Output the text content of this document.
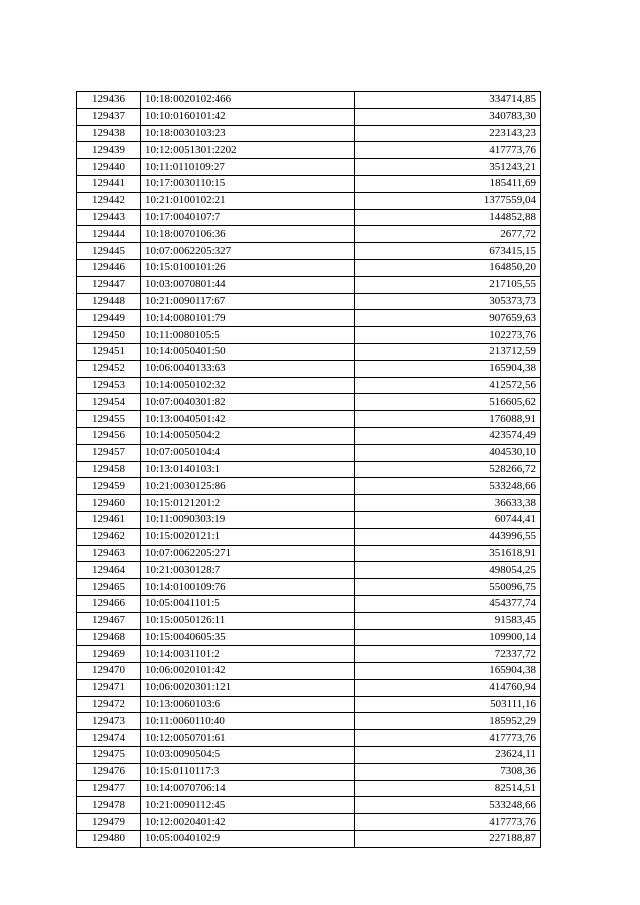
129436	10:18:0020102:466	334714,85
129437	10:10:0160101:42	340783,30
129438	10:18:0030103:23	223143,23
129439	10:12:0051301:2202	417773,76
129440	10:11:0110109:27	351243,21
129441	10:17:0030110:15	185411,69
129442	10:21:0100102:21	1377559,04
129443	10:17:0040107:7	144852,88
129444	10:18:0070106:36	2677,72
129445	10:07:0062205:327	673415,15
129446	10:15:0100101:26	164850,20
129447	10:03:0070801:44	217105,55
129448	10:21:0090117:67	305373,73
129449	10:14:0080101:79	907659,63
129450	10:11:0080105:5	102273,76
129451	10:14:0050401:50	213712,59
129452	10:06:0040133:63	165904,38
129453	10:14:0050102:32	412572,56
129454	10:07:0040301:82	516605,62
129455	10:13:0040501:42	176088,91
129456	10:14:0050504:2	423574,49
129457	10:07:0050104:4	404530,10
129458	10:13:0140103:1	528266,72
129459	10:21:0030125:86	533248,66
129460	10:15:0121201:2	36633,38
129461	10:11:0090303:19	60744,41
129462	10:15:0020121:1	443996,55
129463	10:07:0062205:271	351618,91
129464	10:21:0030128:7	498054,25
129465	10:14:0100109:76	550096,75
129466	10:05:0041101:5	454377,74
129467	10:15:0050126:11	91583,45
129468	10:15:0040605:35	109900,14
129469	10:14:0031101:2	72337,72
129470	10:06:0020101:42	165904,38
129471	10:06:0020301:121	414760,94
129472	10:13:0060103:6	503111,16
129473	10:11:0060110:40	185952,29
129474	10:12:0050701:61	417773,76
129475	10:03:0090504:5	23624,11
129476	10:15:0110117:3	7308,36
129477	10:14:0070706:14	82514,51
129478	10:21:0090112:45	533248,66
129479	10:12:0020401:42	417773,76
129480	10:05:0040102:9	227188,87
